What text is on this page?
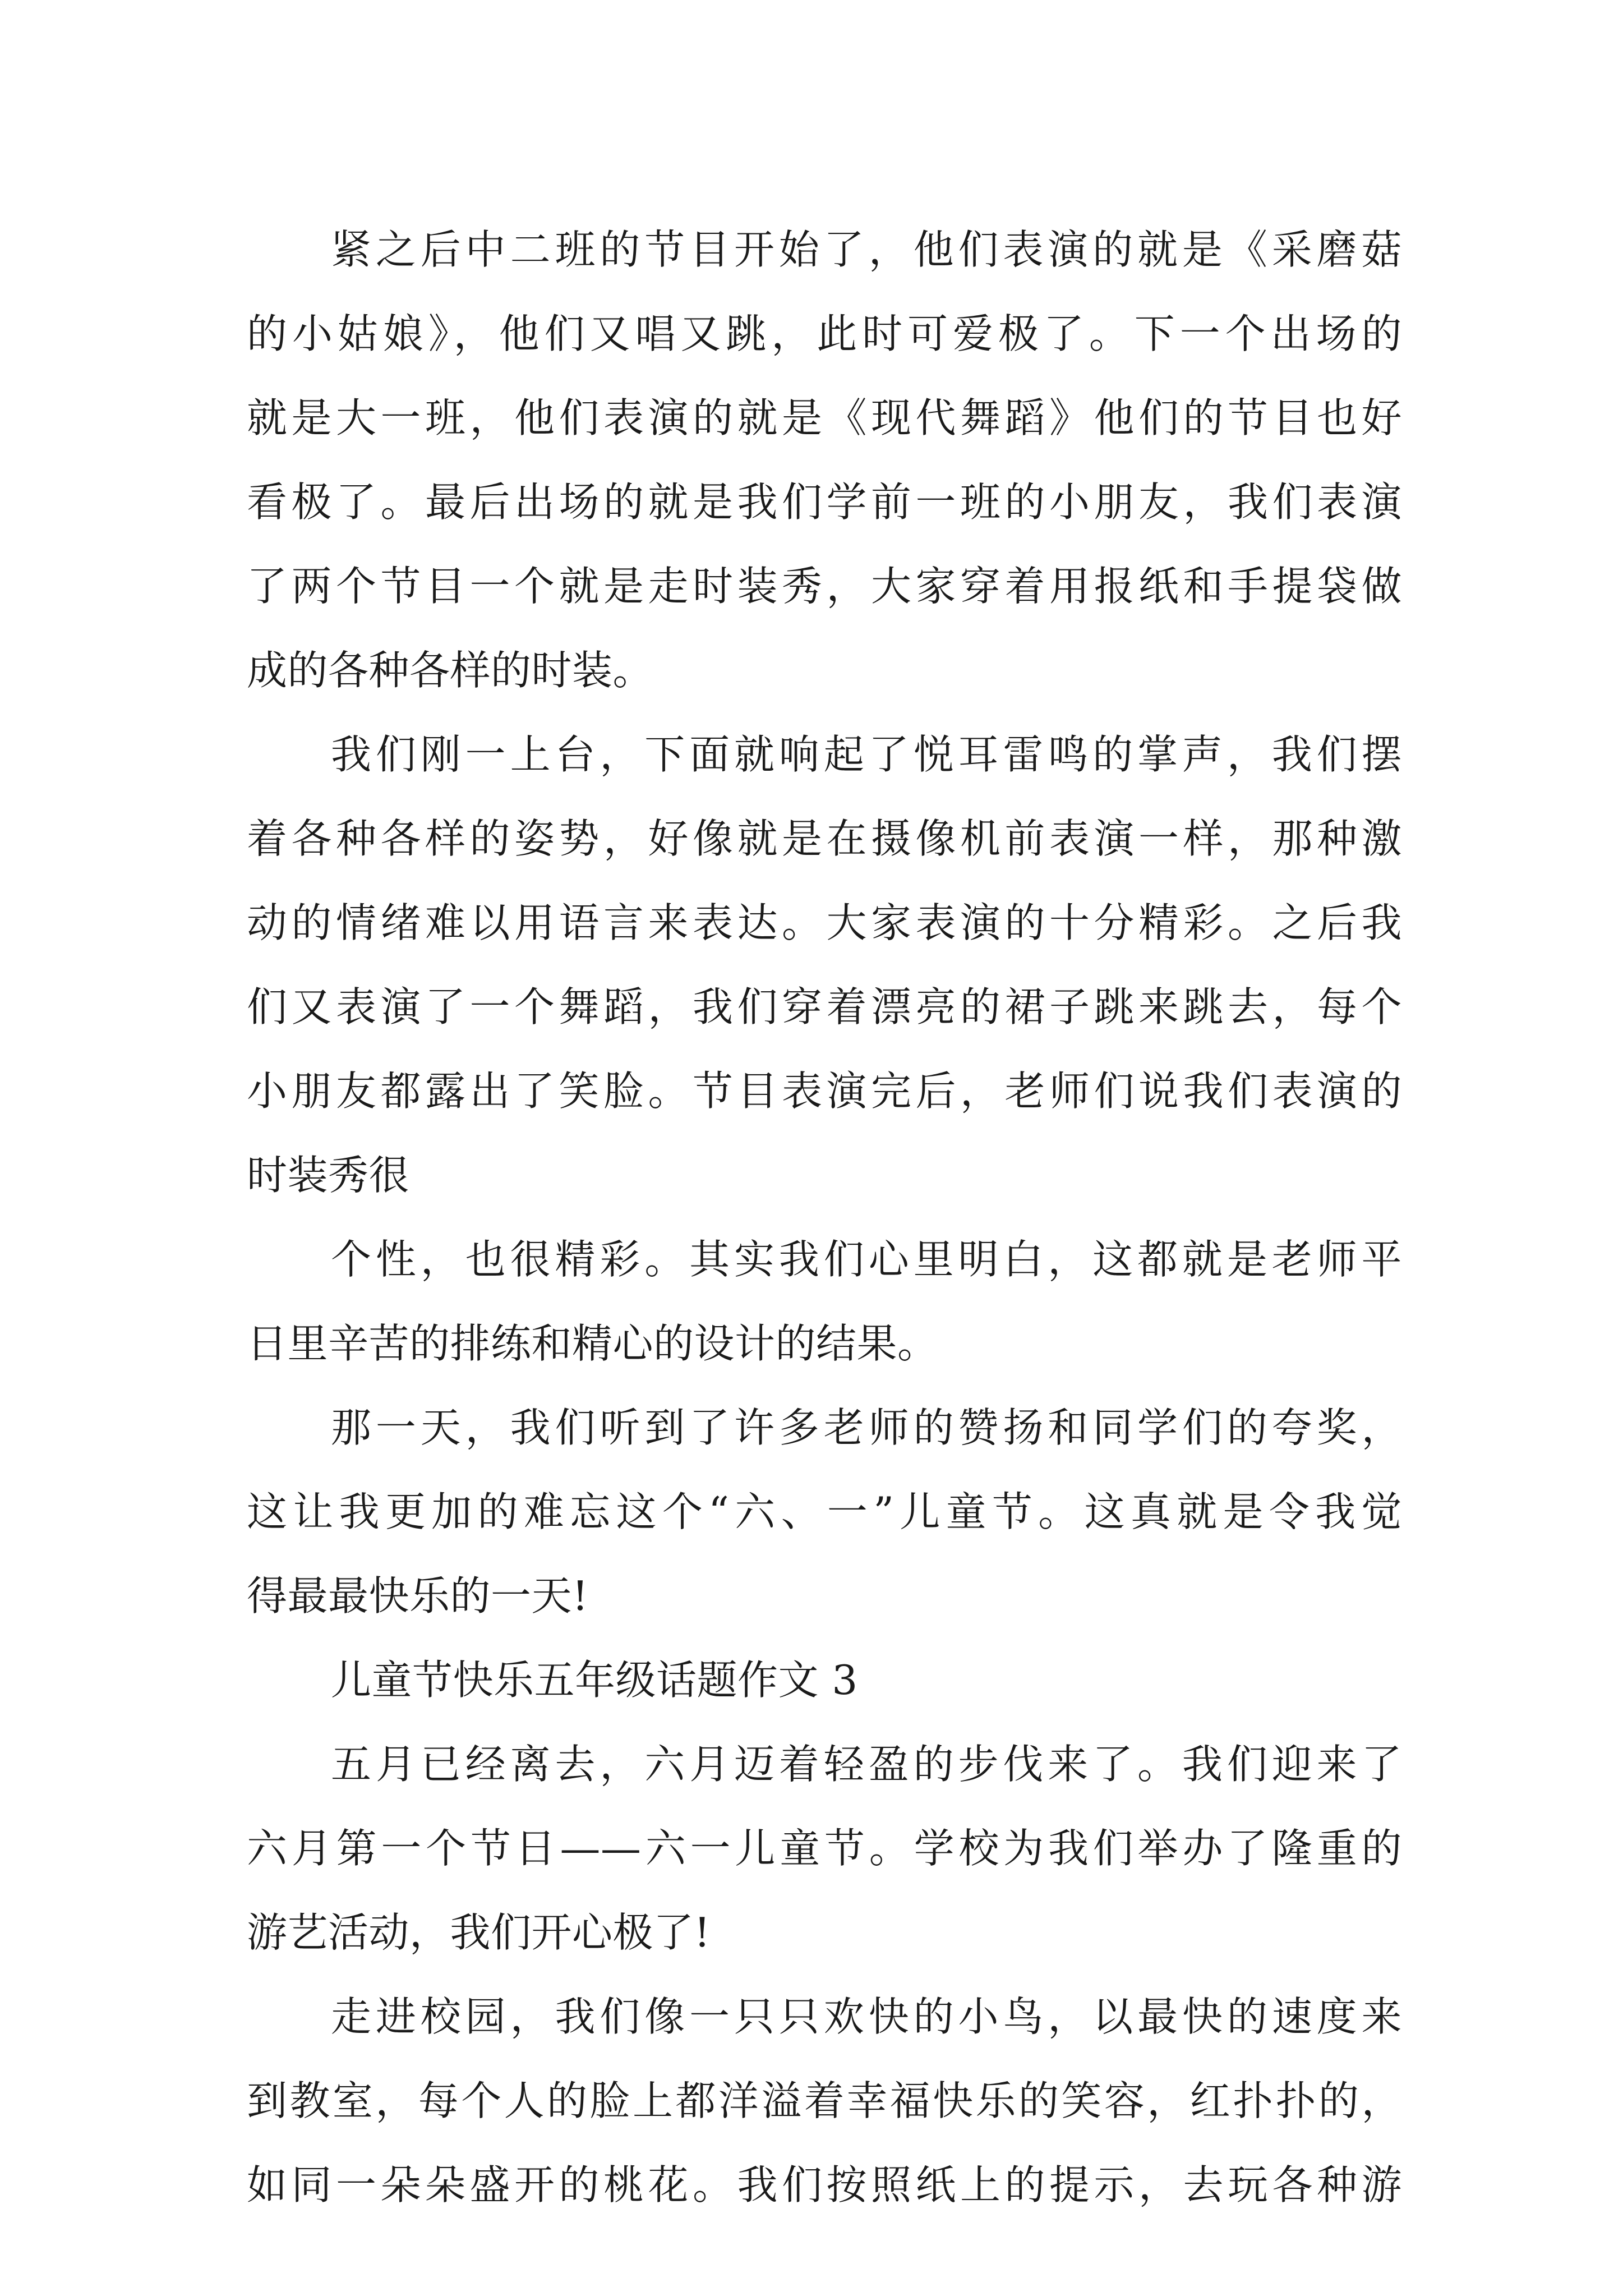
紧之后中二班的节目开始了，他们表演的就是《采磨菇
的小姑娘》，他们又唱又跳，此时可爱极了。下一个出场的
就是大一班，他们表演的就是《现代舞蹈》他们的节目也好
看极了。最后出场的就是我们学前一班的小朋友，我们表演
了两个节目一个就是走时装秀，大家穿着用报纸和手提袋做
成的各种各样的时装。

我们刚一上台，下面就响起了悦耳雷鸣的掌声，我们摆
着各种各样的姿势，好像就是在摄像机前表演一样，那种激
动的情绪难以用语言来表达。大家表演的十分精彩。之后我
们又表演了一个舞蹈，我们穿着漂亮的裙子跳来跳去，每个
小朋友都露出了笑脸。节目表演完后，老师们说我们表演的
时装秀很

个性，也很精彩。其实我们心里明白，这都就是老师平
日里辛苦的排练和精心的设计的结果。

那一天，我们听到了许多老师的赞扬和同学们的夸奖，
这让我更加的难忘这个“六、一”儿童节。这真就是令我觉
得最最快乐的一天!

儿童节快乐五年级话题作文 3

五月已经离去，六月迈着轻盈的步伐来了。我们迎来了
六月第一个节日——六一儿童节。学校为我们举办了隆重的
游艺活动，我们开心极了!

走进校园，我们像一只只欢快的小鸟，以最快的速度来
到教室，每个人的脸上都洋溢着幸福快乐的笑容，红扑扑的，
如同一朵朵盛开的桃花。我们按照纸上的提示，去玩各种游
